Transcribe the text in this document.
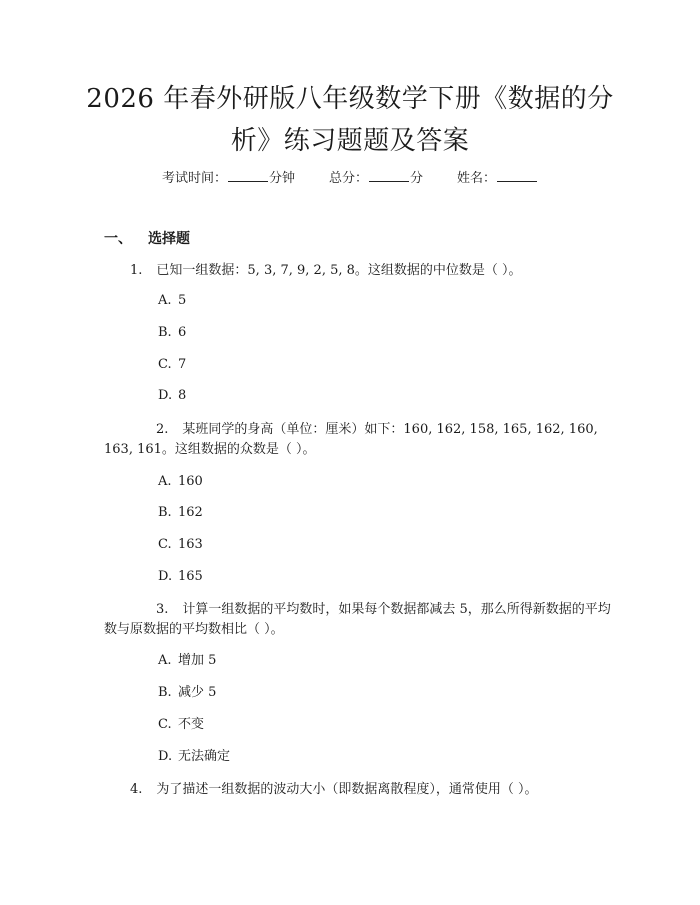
2026 年春外研版八年级数学下册《数据的分
析》练习题题及答案
考试时间：	分钟	总分：	分	姓名：
一、 选择题
1. 已知一组数据：5, 3, 7, 9, 2, 5, 8。这组数据的中位数是（ ）。
A. 5
B. 6
C. 7
D. 8
2. 某班同学的身高（单位：厘米）如下：160, 162, 158, 165, 162, 160, 163, 161。这组数据的众数是（ ）。
A. 160
B. 162
C. 163
D. 165
3. 计算一组数据的平均数时，如果每个数据都减去 5，那么所得新数据的平均数与原数据的平均数相比（ ）。
A. 增加 5
B. 减少 5
C. 不变
D. 无法确定
4. 为了描述一组数据的波动大小（即数据离散程度），通常使用（ ）。
